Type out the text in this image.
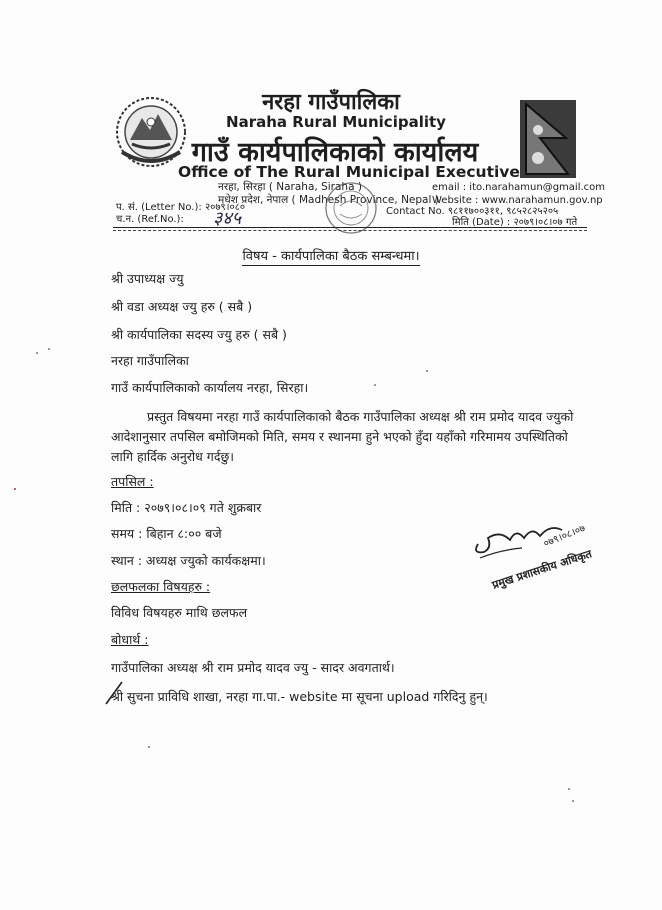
नरहा गाउँपालिका
Naraha Rural Municipality
गाउँ कार्यपालिकाको कार्यालय
Office of The Rural Municipal Executive
नरहा, सिरहा ( Naraha, Siraha )
मधेश प्रदेश, नेपाल ( Madhesh Province, Nepal )
email : ito.narahamun@gmail.com
Website : www.narahamun.gov.np
Contact No. ९८११७००३११, ९८५२८२५२०५
मिति (Date) : २०७९।०८।०७ गते
प. सं. (Letter No.): २०७९।०८०
च.न. (Ref.No.): ३४५
विषय - कार्यपालिका बैठक सम्बन्धमा।
श्री उपाध्यक्ष ज्यु
श्री वडा अध्यक्ष ज्यु हरु ( सबै )
श्री कार्यपालिका सदस्य ज्यु हरु ( सबै )
नरहा गाउँपालिका
गाउँ कार्यपालिकाको कार्यालय नरहा, सिरहा।
प्रस्तुत विषयमा नरहा गाउँ कार्यपालिकाको बैठक गाउँपालिका अध्यक्ष श्री राम प्रमोद यादव ज्युको आदेशानुसार तपसिल बमोजिमको मिति, समय र स्थानमा हुने भएको हुँदा यहाँको गरिमामय उपस्थितिको लागि हार्दिक अनुरोध गर्दछु।
तपसिल :
मिति : २०७९।०८।०९ गते शुक्रबार
समय : बिहान ८:०० बजे
स्थान : अध्यक्ष ज्युको कार्यकक्षमा।
छलफलका विषयहरु :
विविध विषयहरु माथि छलफल
बोधार्थ :
गाउँपालिका अध्यक्ष श्री राम प्रमोद यादव ज्यु - सादर अवगतार्थ।
श्री सुचना प्राविधि शाखा, नरहा गा.पा.- website मा सूचना upload गरिदिनु हुन्।
०७९।०८।०७
प्रमुख प्रशासकीय अधिकृत
